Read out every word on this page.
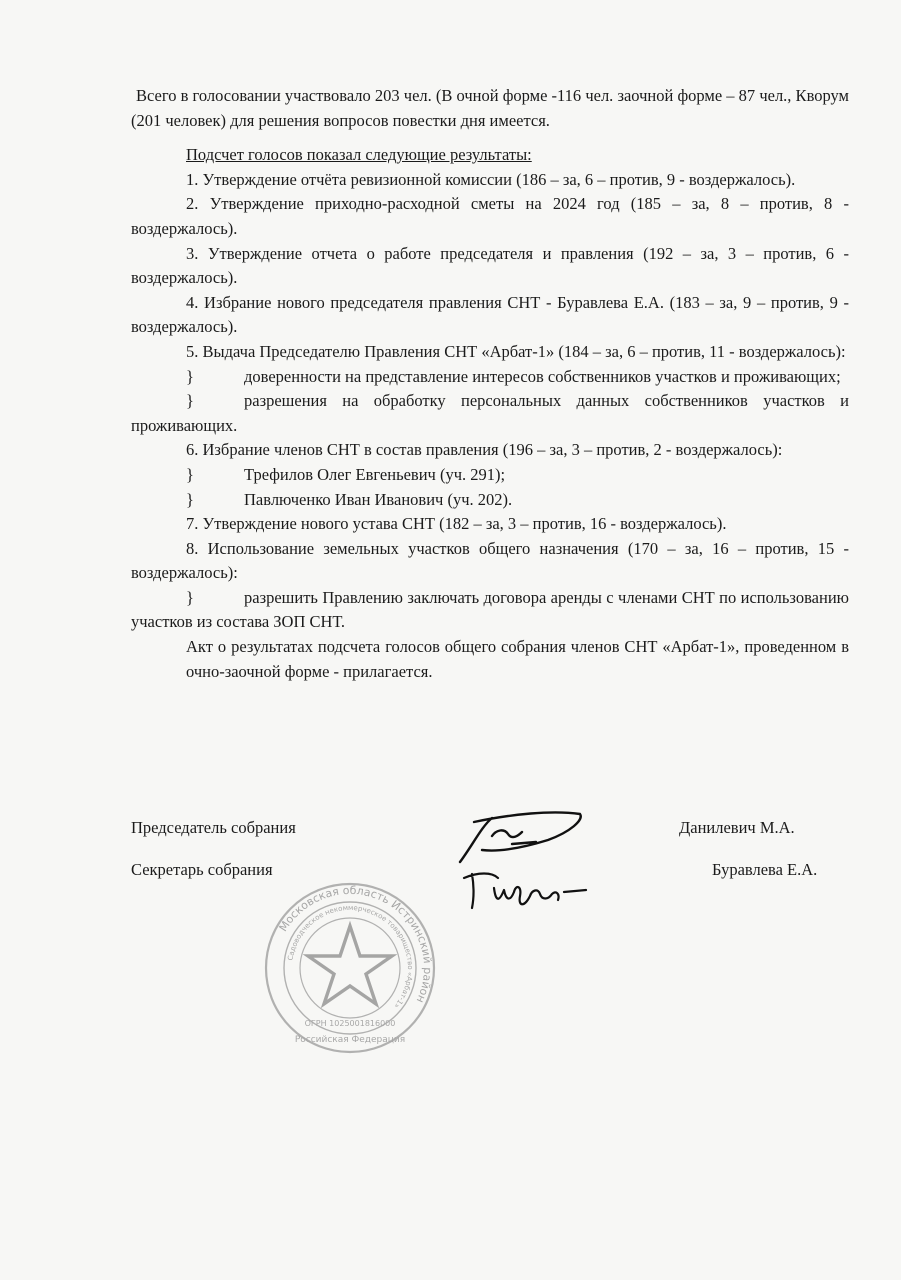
Всего в голосовании участвовало 203 чел. (В очной форме -116 чел. заочной форме – 87 чел., Кворум (201 человек) для решения вопросов повестки дня имеется.

Подсчет голосов показал следующие результаты:

1. Утверждение отчёта ревизионной комиссии (186 – за, 6 – против, 9 - воздержалось).

2. Утверждение приходно-расходной сметы на 2024 год (185 – за, 8 – против, 8 - воздержалось).

3. Утверждение отчета о работе председателя и правления (192 – за, 3 – против, 6 - воздержалось).

4. Избрание нового председателя правления СНТ - Буравлева Е.А. (183 – за, 9 – против, 9 - воздержалось).

5. Выдача Председателю Правления СНТ «Арбат-1» (184 – за, 6 – против, 11 - воздержалось):

}	доверенности на представление интересов собственников участков и проживающих;

}	разрешения на обработку персональных данных собственников участков и проживающих.

6. Избрание членов СНТ в состав правления (196 – за, 3 – против, 2 - воздержалось):

}	Трефилов Олег Евгеньевич (уч. 291);

}	Павлюченко Иван Иванович (уч. 202).

7. Утверждение нового устава СНТ (182 – за, 3 – против, 16 - воздержалось).

8. Использование земельных участков общего назначения (170 – за, 16 – против, 15 - воздержалось):

}	разрешить Правлению заключать договора аренды с членами СНТ по использованию участков из состава ЗОП СНТ.

Акт о результатах подсчета голосов общего собрания членов СНТ «Арбат-1», проведенном в очно-заочной форме - прилагается.

Председатель собрания	Данилевич М.А.
Секретарь собрания	Буравлева Е.А.
Московская область Истринский район
Садоводческое некоммерческое товарищество «Арбат-1»
ОГРН 1025001816000
Российская Федерация
